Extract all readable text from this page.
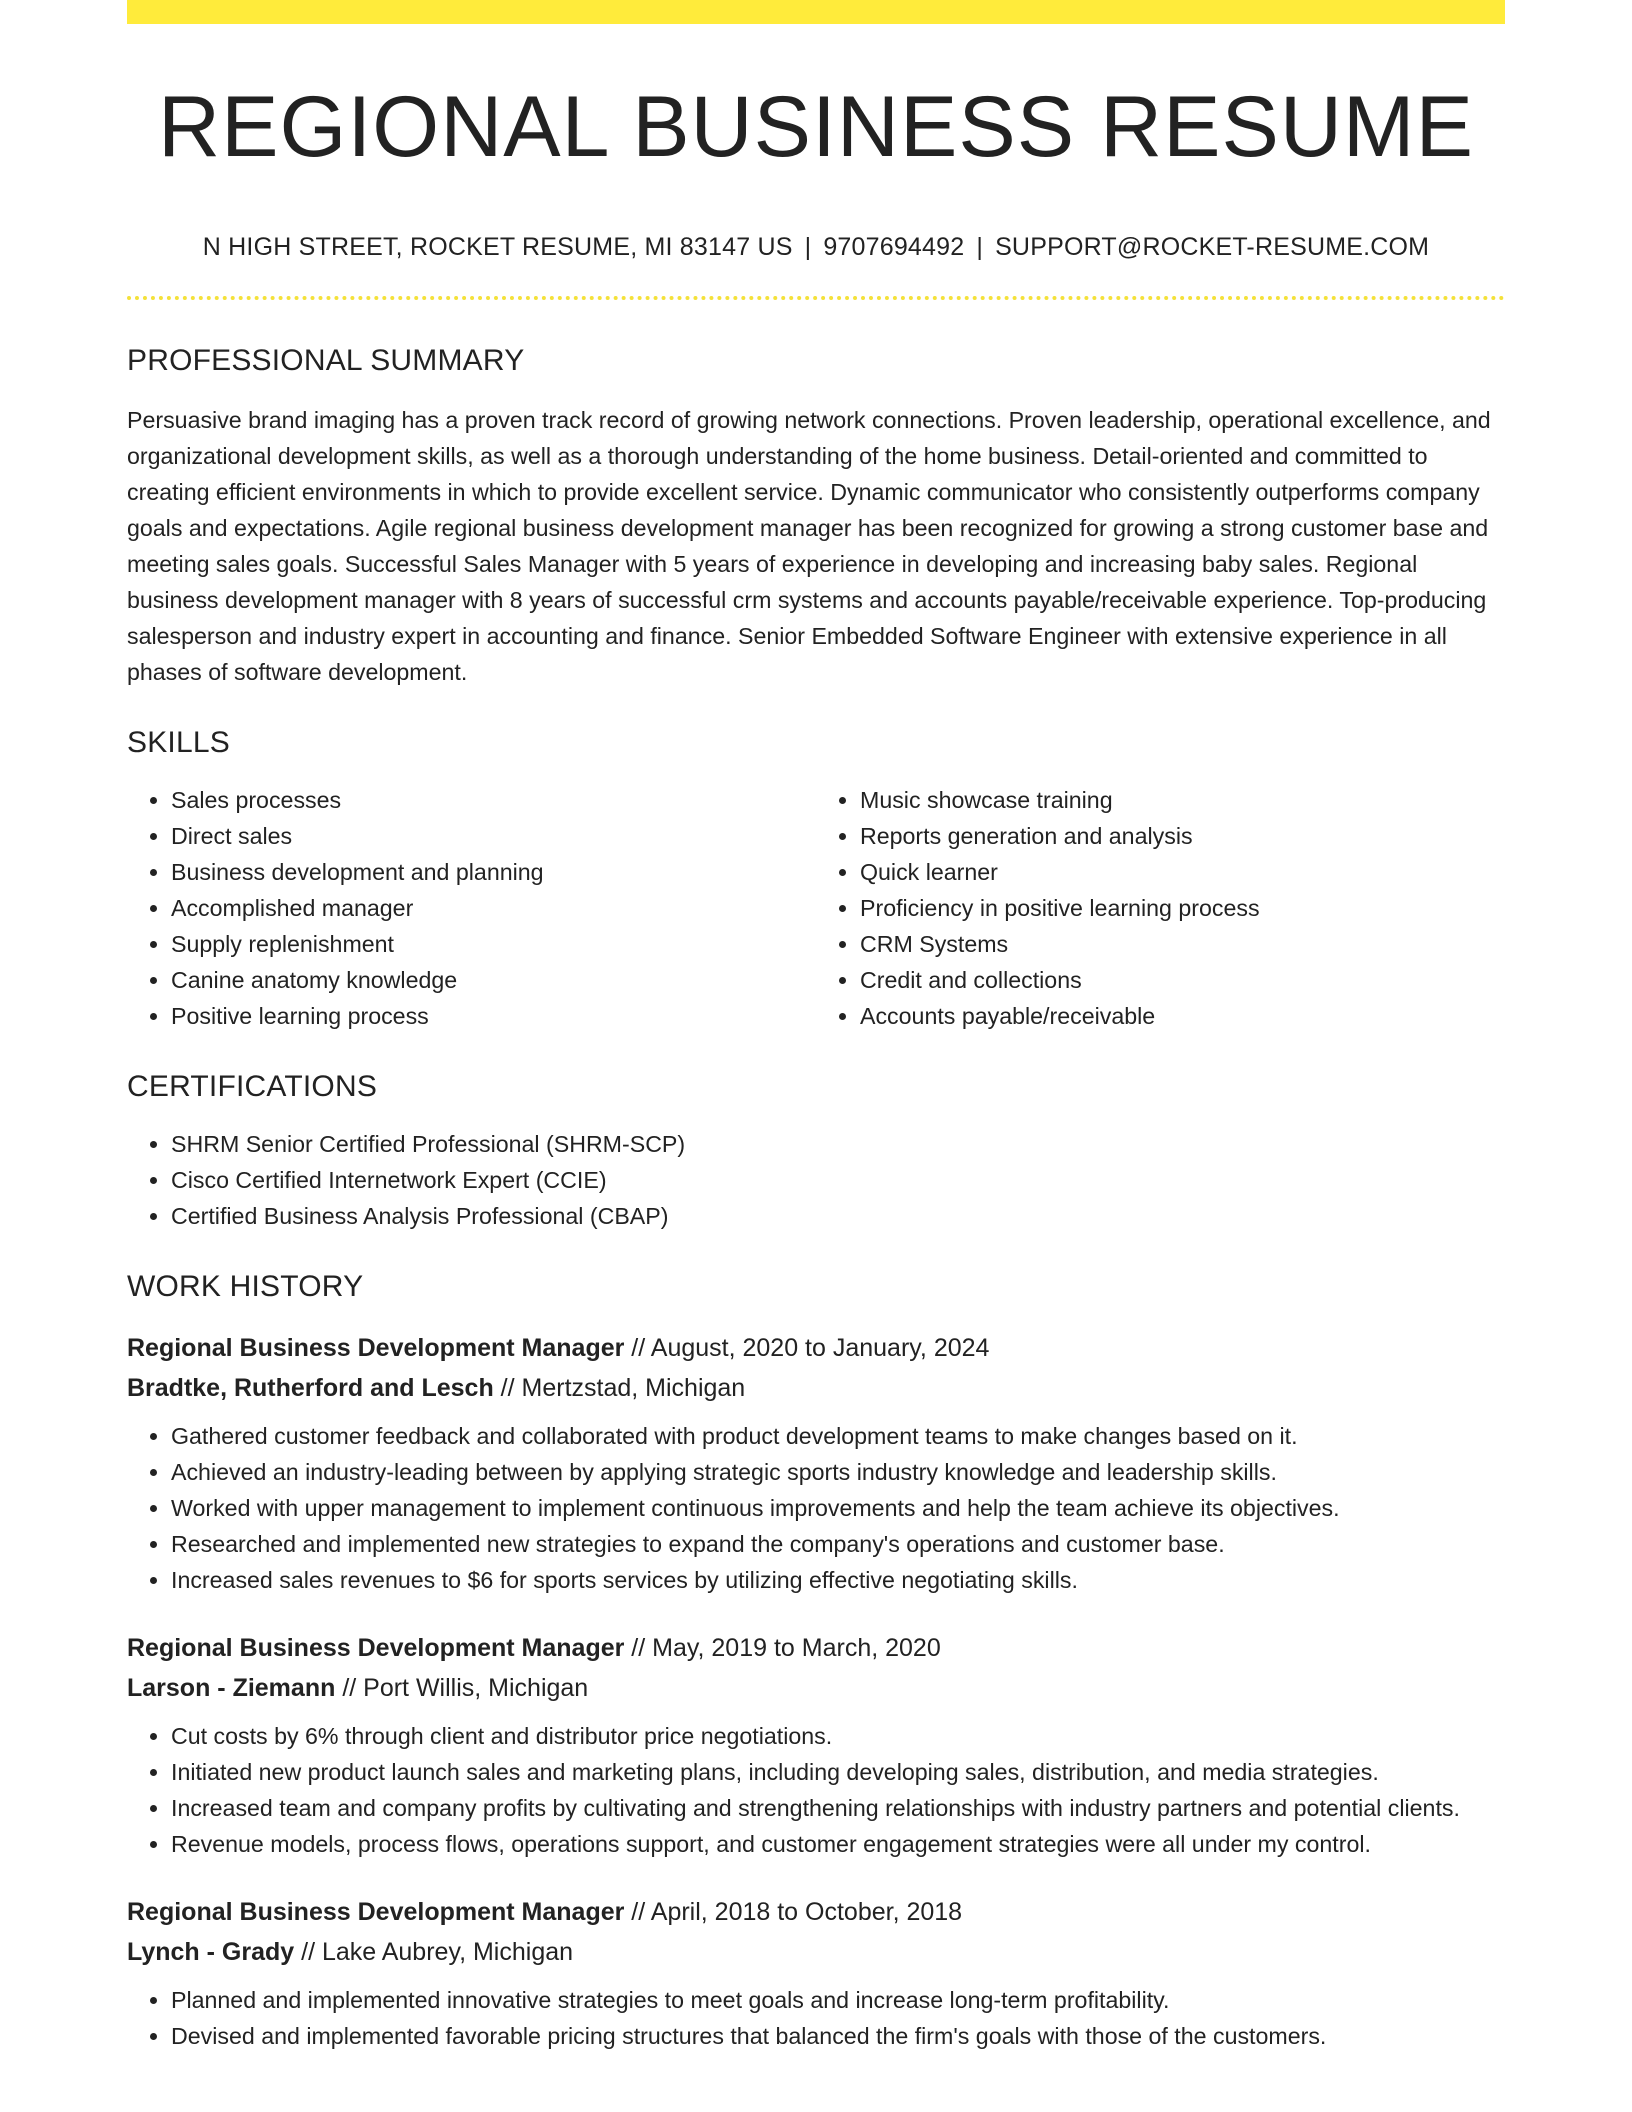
REGIONAL BUSINESS RESUME
N HIGH STREET, ROCKET RESUME, MI 83147 US | 9707694492 | SUPPORT@ROCKET-RESUME.COM
PROFESSIONAL SUMMARY

Persuasive brand imaging has a proven track record of growing network connections. Proven leadership, operational excellence, and organizational development skills, as well as a thorough understanding of the home business. Detail-oriented and committed to creating efficient environments in which to provide excellent service. Dynamic communicator who consistently outperforms company goals and expectations. Agile regional business development manager has been recognized for growing a strong customer base and meeting sales goals. Successful Sales Manager with 5 years of experience in developing and increasing baby sales. Regional business development manager with 8 years of successful crm systems and accounts payable/receivable experience. Top-producing salesperson and industry expert in accounting and finance. Senior Embedded Software Engineer with extensive experience in all phases of software development.

SKILLS
• Sales processes
• Direct sales
• Business development and planning
• Accomplished manager
• Supply replenishment
• Canine anatomy knowledge
• Positive learning process
• Music showcase training
• Reports generation and analysis
• Quick learner
• Proficiency in positive learning process
• CRM Systems
• Credit and collections
• Accounts payable/receivable
CERTIFICATIONS
• SHRM Senior Certified Professional (SHRM-SCP)
• Cisco Certified Internetwork Expert (CCIE)
• Certified Business Analysis Professional (CBAP)
WORK HISTORY
Regional Business Development Manager // August, 2020 to January, 2024
Bradtke, Rutherford and Lesch // Mertzstad, Michigan
• Gathered customer feedback and collaborated with product development teams to make changes based on it.
• Achieved an industry-leading between by applying strategic sports industry knowledge and leadership skills.
• Worked with upper management to implement continuous improvements and help the team achieve its objectives.
• Researched and implemented new strategies to expand the company's operations and customer base.
• Increased sales revenues to $6 for sports services by utilizing effective negotiating skills.
Regional Business Development Manager // May, 2019 to March, 2020
Larson - Ziemann // Port Willis, Michigan
• Cut costs by 6% through client and distributor price negotiations.
• Initiated new product launch sales and marketing plans, including developing sales, distribution, and media strategies.
• Increased team and company profits by cultivating and strengthening relationships with industry partners and potential clients.
• Revenue models, process flows, operations support, and customer engagement strategies were all under my control.
Regional Business Development Manager // April, 2018 to October, 2018
Lynch - Grady // Lake Aubrey, Michigan
• Planned and implemented innovative strategies to meet goals and increase long-term profitability.
• Devised and implemented favorable pricing structures that balanced the firm's goals with those of the customers.
